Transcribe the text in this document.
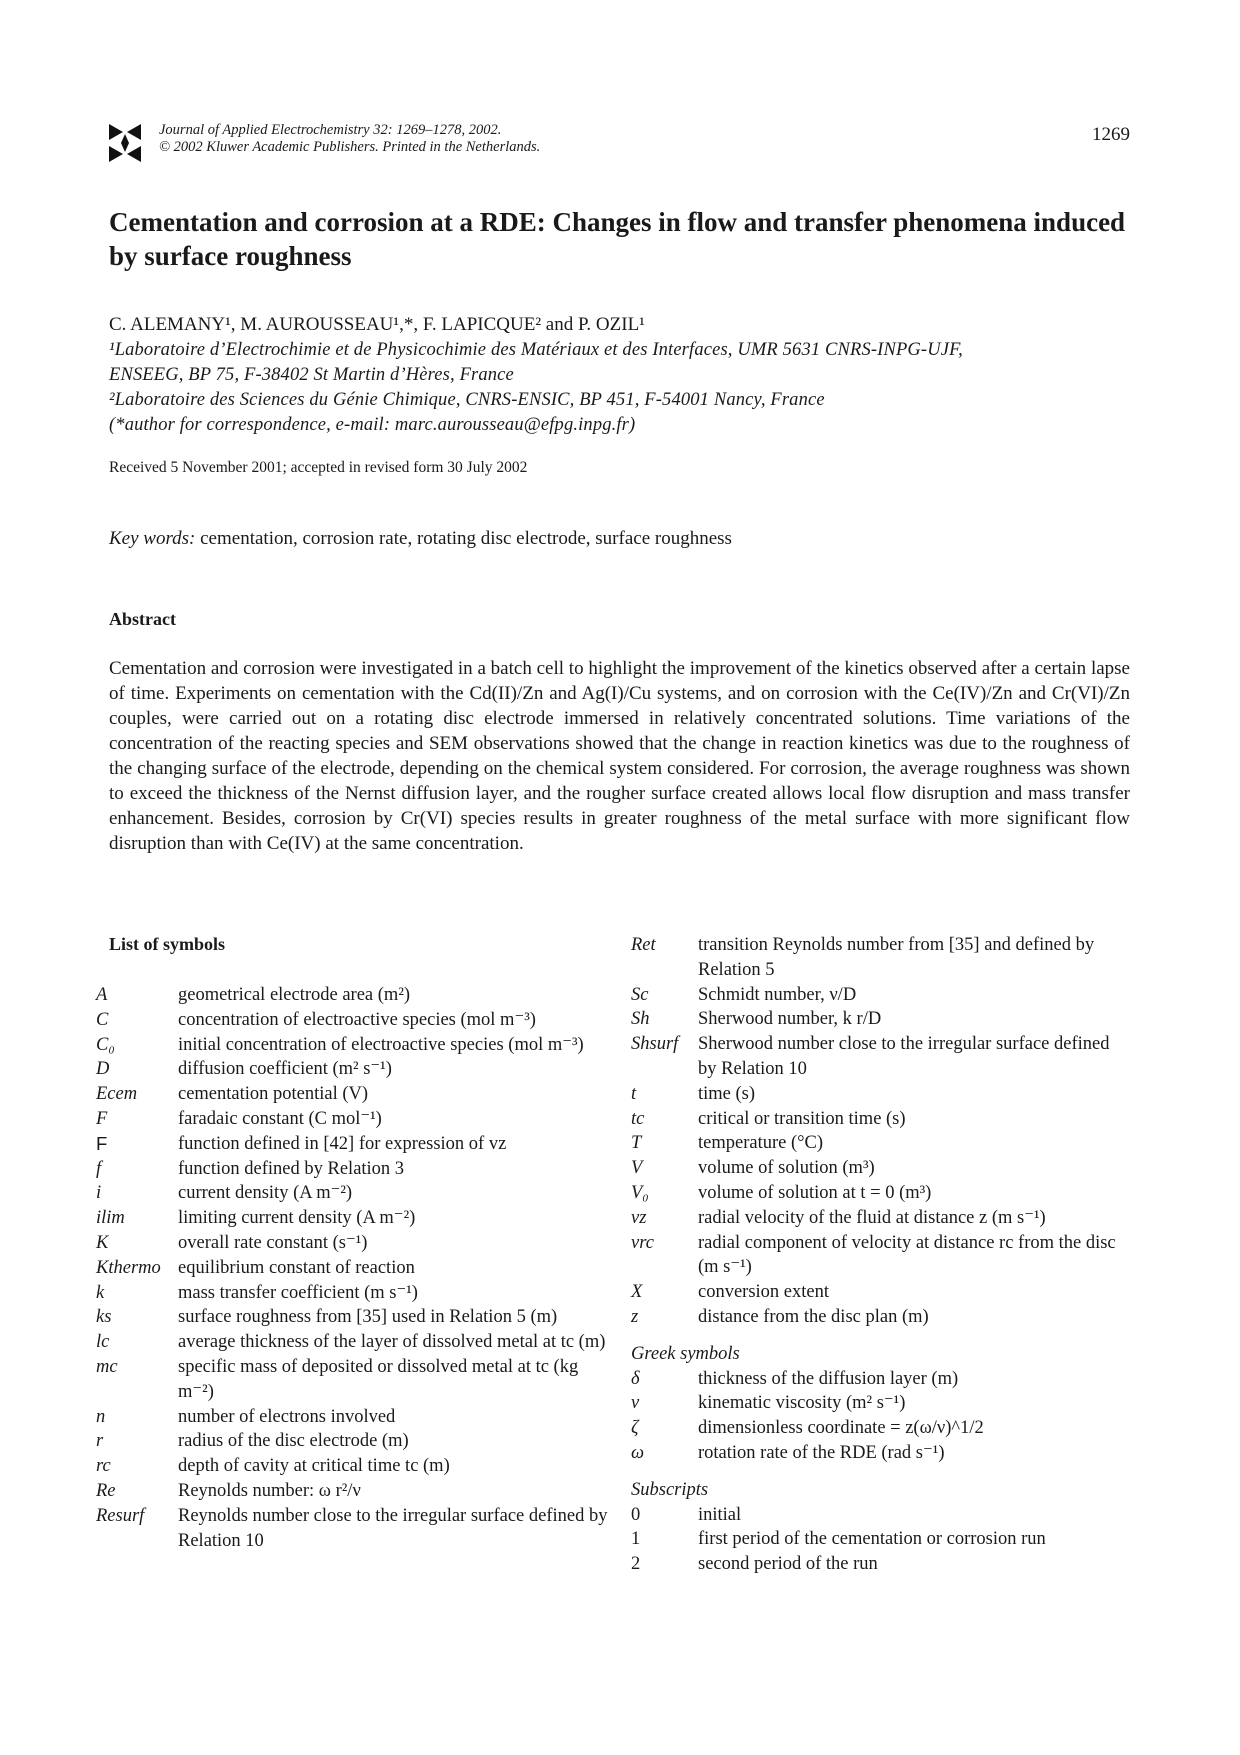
Journal of Applied Electrochemistry 32: 1269–1278, 2002.
© 2002 Kluwer Academic Publishers. Printed in the Netherlands.
1269
Cementation and corrosion at a RDE: Changes in flow and transfer phenomena induced by surface roughness
C. ALEMANY¹, M. AUROUSSEAU¹,*, F. LAPICQUE² and P. OZIL¹
¹Laboratoire d’Electrochimie et de Physicochimie des Matériaux et des Interfaces, UMR 5631 CNRS-INPG-UJF,
ENSEEG, BP 75, F-38402 St Martin d’Hères, France
²Laboratoire des Sciences du Génie Chimique, CNRS-ENSIC, BP 451, F-54001 Nancy, France
(*author for correspondence, e-mail: marc.aurousseau@efpg.inpg.fr)
Received 5 November 2001; accepted in revised form 30 July 2002
Key words: cementation, corrosion rate, rotating disc electrode, surface roughness
Abstract

Cementation and corrosion were investigated in a batch cell to highlight the improvement of the kinetics observed after a certain lapse of time. Experiments on cementation with the Cd(II)/Zn and Ag(I)/Cu systems, and on corrosion with the Ce(IV)/Zn and Cr(VI)/Zn couples, were carried out on a rotating disc electrode immersed in relatively concentrated solutions. Time variations of the concentration of the reacting species and SEM observations showed that the change in reaction kinetics was due to the roughness of the changing surface of the electrode, depending on the chemical system considered. For corrosion, the average roughness was shown to exceed the thickness of the Nernst diffusion layer, and the rougher surface created allows local flow disruption and mass transfer enhancement. Besides, corrosion by Cr(VI) species results in greater roughness of the metal surface with more significant flow disruption than with Ce(IV) at the same concentration.

List of symbols
A	geometrical electrode area (m²)
C	concentration of electroactive species (mol m⁻³)
C₀	initial concentration of electroactive species (mol m⁻³)
D	diffusion coefficient (m² s⁻¹)
Ecem	cementation potential (V)
F	faradaic constant (C mol⁻¹)
F	function defined in [42] for expression of vz
f	function defined by Relation 3
i	current density (A m⁻²)
ilim	limiting current density (A m⁻²)
K	overall rate constant (s⁻¹)
Kthermo equilibrium constant of reaction
k	mass transfer coefficient (m s⁻¹)
ks	surface roughness from [35] used in Relation 5 (m)
lc	average thickness of the layer of dissolved metal at tc (m)
mc	specific mass of deposited or dissolved metal at tc (kg m⁻²)
n	number of electrons involved
r	radius of the disc electrode (m)
rc	depth of cavity at critical time tc (m)
Re	Reynolds number: ω r²/ν
Resurf	Reynolds number close to the irregular surface defined by Relation 10
Ret	transition Reynolds number from [35] and defined by Relation 5
Sc	Schmidt number, ν/D
Sh	Sherwood number, k r/D
Shsurf	Sherwood number close to the irregular surface defined by Relation 10
t	time (s)
tc	critical or transition time (s)
T	temperature (°C)
V	volume of solution (m³)
V₀	volume of solution at t = 0 (m³)
vz	radial velocity of the fluid at distance z (m s⁻¹)
vrc	radial component of velocity at distance rc from the disc (m s⁻¹)
X	conversion extent
z	distance from the disc plan (m)
Greek symbols
δ	thickness of the diffusion layer (m)
ν	kinematic viscosity (m² s⁻¹)
ζ	dimensionless coordinate = z(ω/ν)^1/2
ω	rotation rate of the RDE (rad s⁻¹)
Subscripts
0	initial
1	first period of the cementation or corrosion run
2	second period of the run
